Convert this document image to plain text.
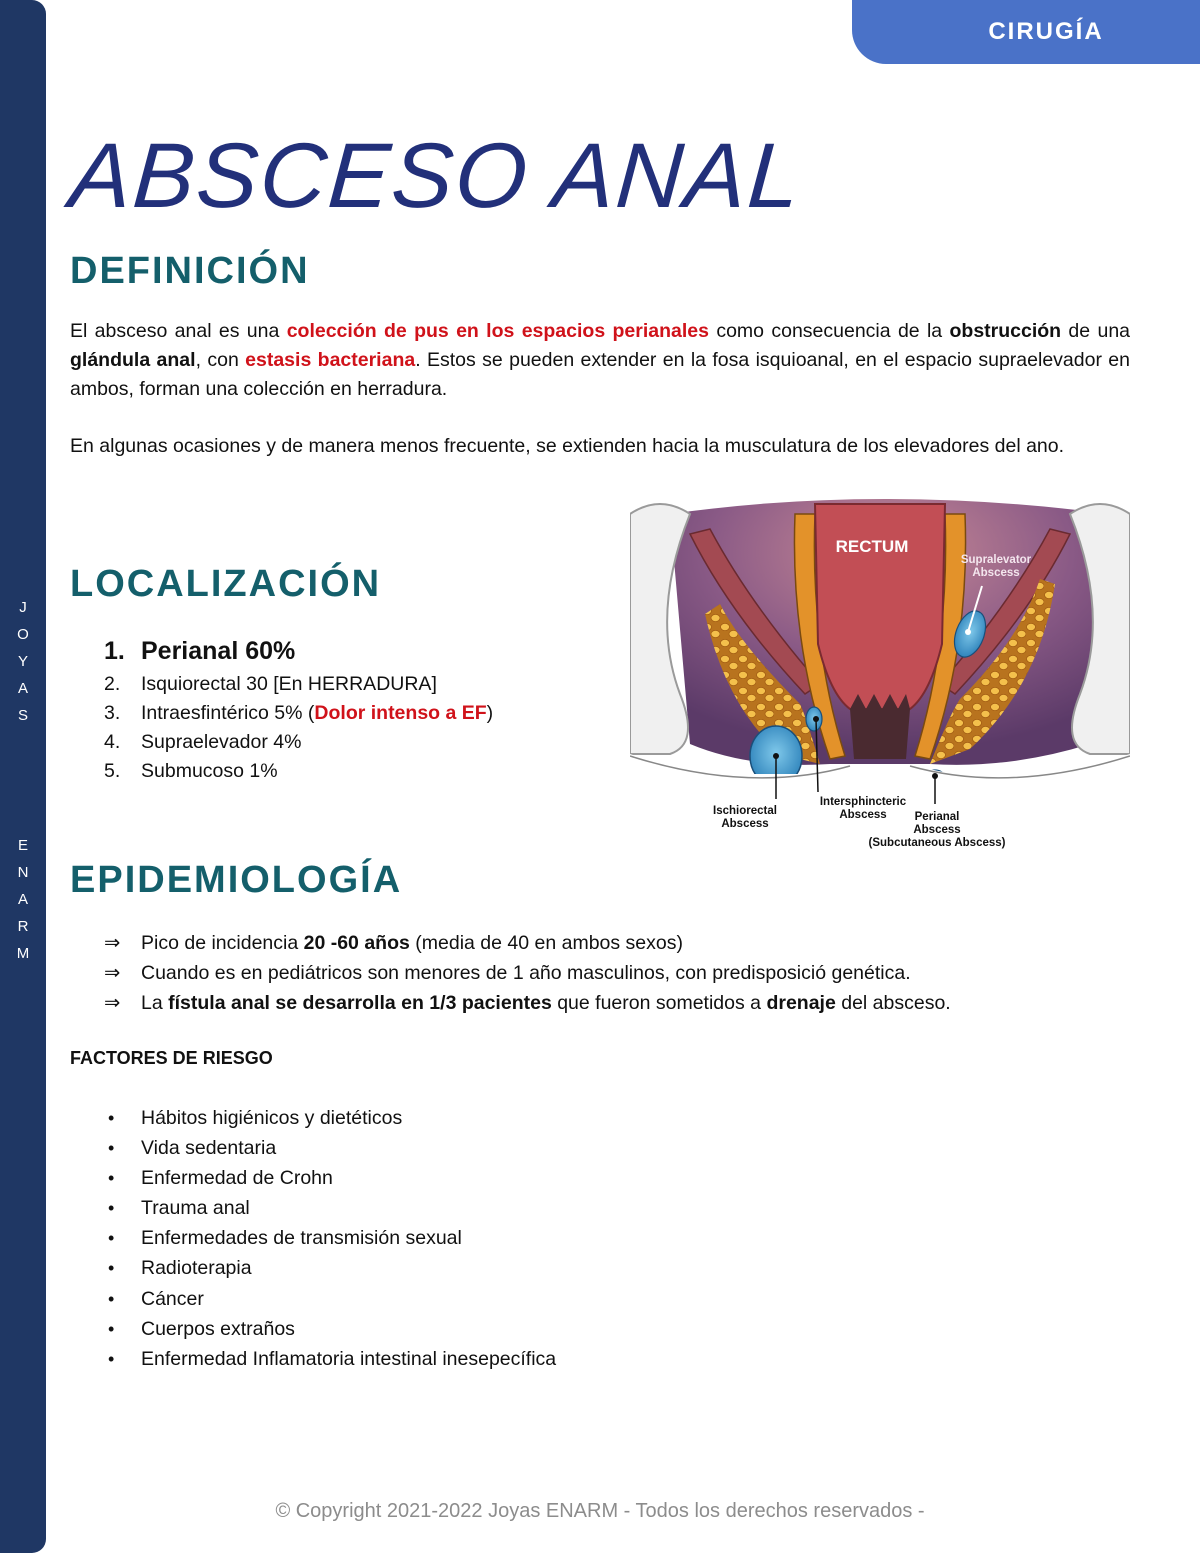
J
O
Y
A
S
E
N
A
R
M
CIRUGÍA
ABSCESO ANAL
DEFINICIÓN
El absceso anal es una colección de pus en los espacios perianales como consecuencia de la obstrucción de una glándula anal, con estasis bacteriana. Estos se pueden extender en la fosa isquioanal, en el espacio supraelevador en ambos, forman una colección en herradura.
En algunas ocasiones y de manera menos frecuente, se extienden hacia la musculatura de los elevadores del ano.
LOCALIZACIÓN
1. Perianal 60%
2. Isquiorectal 30 [En HERRADURA]
3. Intraesfintérico 5% (Dolor intenso a EF)
4. Supraelevador 4%
5. Submucoso 1%
RECTUM
Supralevator
Abscess
Ischiorectal
Abscess
Intersphincteric
Abscess Perianal
Abscess
(Subcutaneous Abscess)
EPIDEMIOLOGÍA
⇒ Pico de incidencia 20 -60 años (media de 40 en ambos sexos)
⇒ Cuando es en pediátricos son menores de 1 año masculinos, con predisposició genética.
⇒ La fístula anal se desarrolla en 1/3 pacientes que fueron sometidos a drenaje del absceso.
FACTORES DE RIESGO
• Hábitos higiénicos y dietéticos
• Vida sedentaria
• Enfermedad de Crohn
• Trauma anal
• Enfermedades de transmisión sexual
• Radioterapia
• Cáncer
• Cuerpos extraños
• Enfermedad Inflamatoria intestinal inesepecífica
© Copyright 2021-2022 Joyas ENARM - Todos los derechos reservados -
